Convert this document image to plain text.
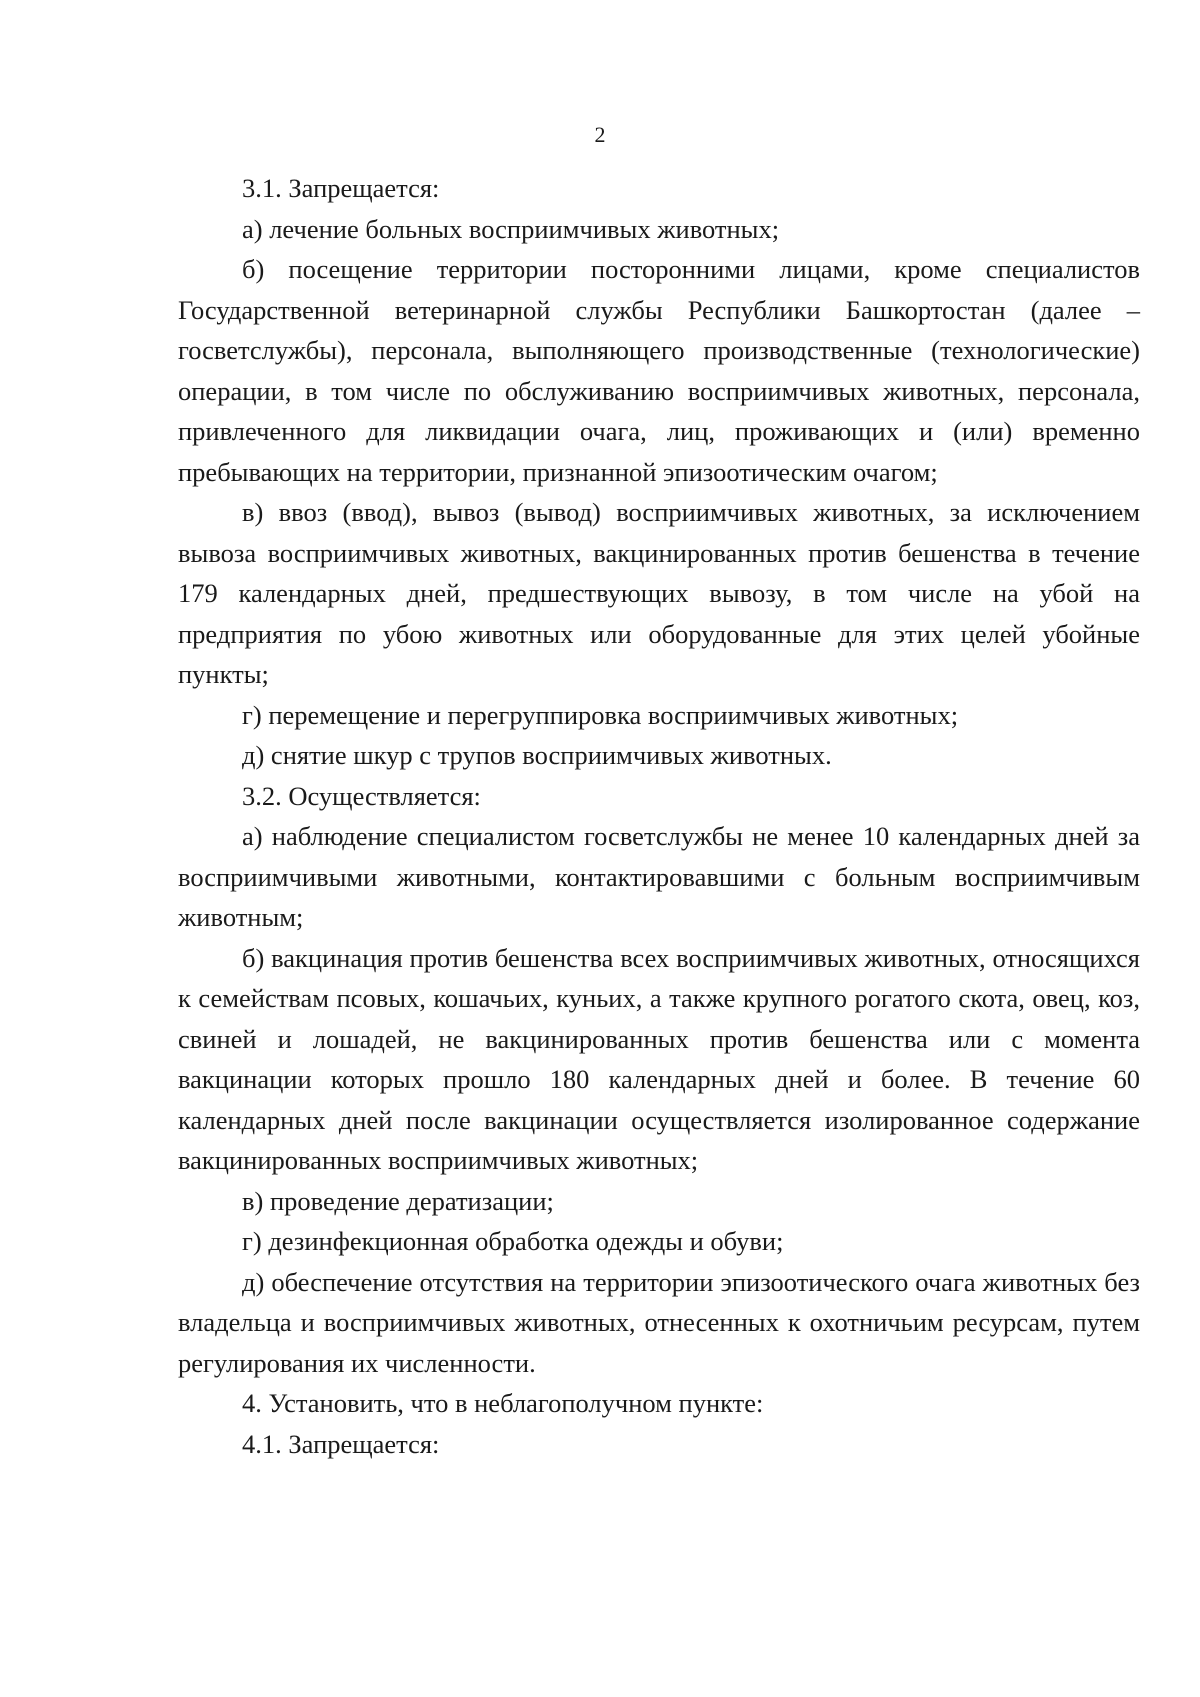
2

3.1. Запрещается:

а) лечение больных восприимчивых животных;

б) посещение территории посторонними лицами, кроме специалистов Государственной ветеринарной службы Республики Башкортостан (далее – госветслужбы), персонала, выполняющего производственные (технологические) операции, в том числе по обслуживанию восприимчивых животных, персонала, привлеченного для ликвидации очага, лиц, проживающих и (или) временно пребывающих на территории, признанной эпизоотическим очагом;

в) ввоз (ввод), вывоз (вывод) восприимчивых животных, за исключением вывоза восприимчивых животных, вакцинированных против бешенства в течение 179 календарных дней, предшествующих вывозу, в том числе на убой на предприятия по убою животных или оборудованные для этих целей убойные пункты;

г) перемещение и перегруппировка восприимчивых животных;

д) снятие шкур с трупов восприимчивых животных.

3.2. Осуществляется:

а) наблюдение специалистом госветслужбы не менее 10 календарных дней за восприимчивыми животными, контактировавшими с больным восприимчивым животным;

б) вакцинация против бешенства всех восприимчивых животных, относящихся к семействам псовых, кошачьих, куньих, а также крупного рогатого скота, овец, коз, свиней и лошадей, не вакцинированных против бешенства или с момента вакцинации которых прошло 180 календарных дней и более. В течение 60 календарных дней после вакцинации осуществляется изолированное содержание вакцинированных восприимчивых животных;

в) проведение дератизации;

г) дезинфекционная обработка одежды и обуви;

д) обеспечение отсутствия на территории эпизоотического очага животных без владельца и восприимчивых животных, отнесенных к охотничьим ресурсам, путем регулирования их численности.

4. Установить, что в неблагополучном пункте:

4.1. Запрещается:
